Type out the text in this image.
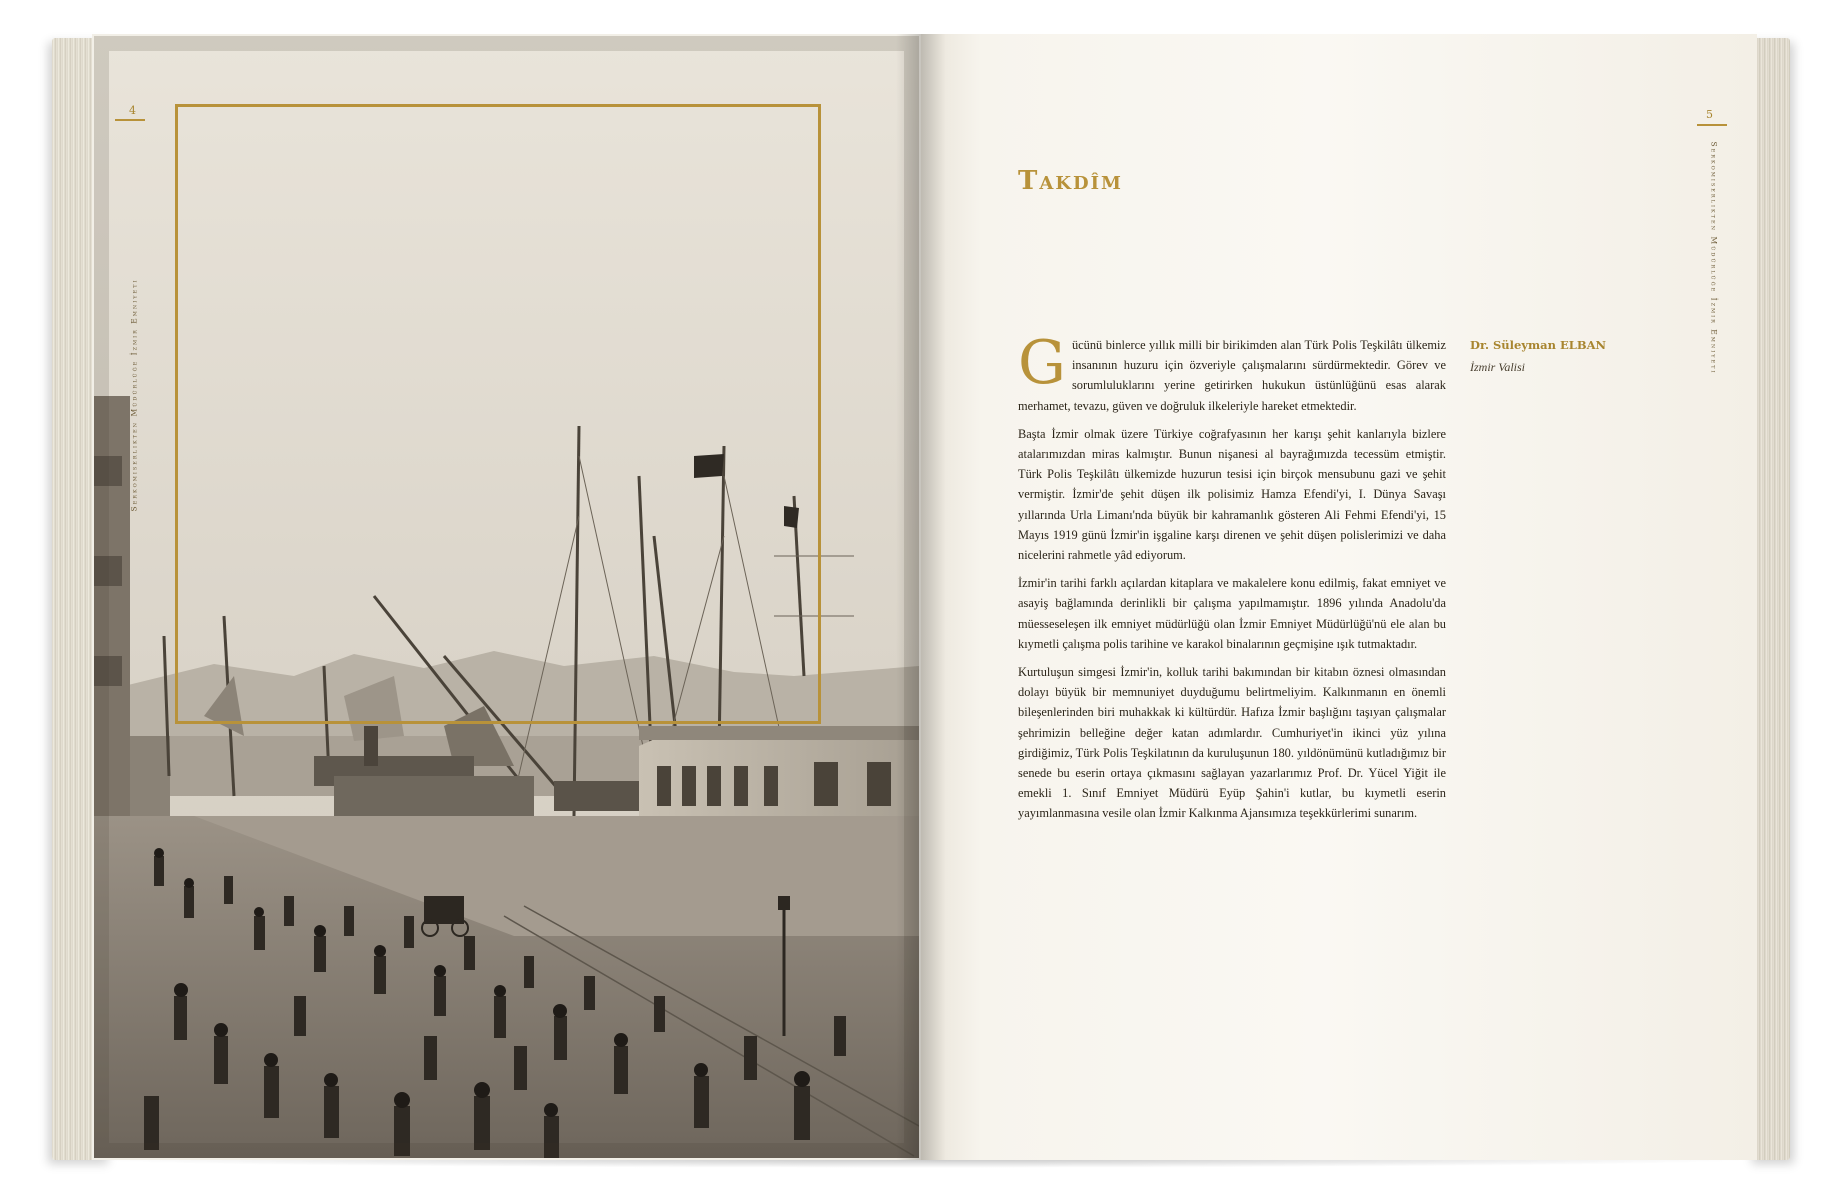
4
Serkomiserlikten Müdürlüğe İzmir Emniyeti
5
Serkomiserlikten Müdürlüğe İzmir Emniyeti
Takdîm

Gücünü binlerce yıllık milli bir birikimden alan Türk Polis Teşkilâtı ülkemiz insanının huzuru için özveriyle çalışmalarını sürdürmektedir. Görev ve sorumluluklarını yerine getirirken hukukun üstünlüğünü esas alarak merhamet, tevazu, güven ve doğruluk ilkeleriyle hareket etmektedir.

Başta İzmir olmak üzere Türkiye coğrafyasının her karışı şehit kanlarıyla bizlere atalarımızdan miras kalmıştır. Bunun nişanesi al bayrağımızda tecessüm etmiştir. Türk Polis Teşkilâtı ülkemizde huzurun tesisi için birçok mensubunu gazi ve şehit vermiştir. İzmir'de şehit düşen ilk polisimiz Hamza Efendi'yi, I. Dünya Savaşı yıllarında Urla Limanı'nda büyük bir kahramanlık gösteren Ali Fehmi Efendi'yi, 15 Mayıs 1919 günü İzmir'in işgaline karşı direnen ve şehit düşen polislerimizi ve daha nicelerini rahmetle yâd ediyorum.

İzmir'in tarihi farklı açılardan kitaplara ve makalelere konu edilmiş, fakat emniyet ve asayiş bağlamında derinlikli bir çalışma yapılmamıştır. 1896 yılında Anadolu'da müesseseleşen ilk emniyet müdürlüğü olan İzmir Emniyet Müdürlüğü'nü ele alan bu kıymetli çalışma polis tarihine ve karakol binalarının geçmişine ışık tutmaktadır.

Kurtuluşun simgesi İzmir'in, kolluk tarihi bakımından bir kitabın öznesi olmasından dolayı büyük bir memnuniyet duyduğumu belirtmeliyim. Kalkınmanın en önemli bileşenlerinden biri muhakkak ki kültürdür. Hafıza İzmir başlığını taşıyan çalışmalar şehrimizin belleğine değer katan adımlardır. Cumhuriyet'in ikinci yüz yılına girdiğimiz, Türk Polis Teşkilatının da kuruluşunun 180. yıldönümünü kutladığımız bir senede bu eserin ortaya çıkmasını sağlayan yazarlarımız Prof. Dr. Yücel Yiğit ile emekli 1. Sınıf Emniyet Müdürü Eyüp Şahin'i kutlar, bu kıymetli eserin yayımlanmasına vesile olan İzmir Kalkınma Ajansımıza teşekkürlerimi sunarım.

Dr. Süleyman ELBAN
İzmir Valisi
